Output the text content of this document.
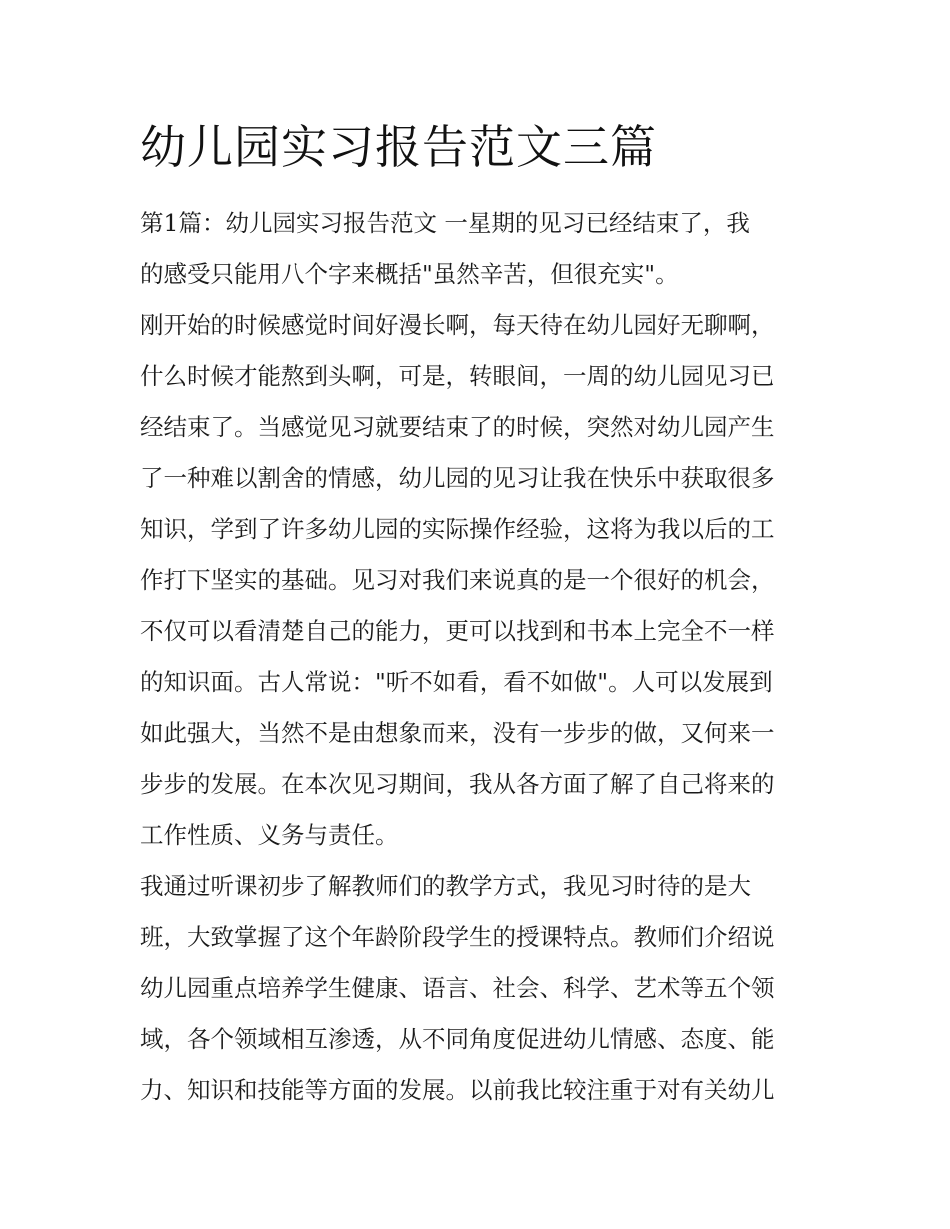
幼儿园实习报告范文三篇
第1篇：幼儿园实习报告范文 一星期的见习已经结束了，我
的感受只能用八个字来概括"虽然辛苦，但很充实"。
刚开始的时候感觉时间好漫长啊，每天待在幼儿园好无聊啊，
什么时候才能熬到头啊，可是，转眼间，一周的幼儿园见习已
经结束了。当感觉见习就要结束了的时候，突然对幼儿园产生
了一种难以割舍的情感，幼儿园的见习让我在快乐中获取很多
知识，学到了许多幼儿园的实际操作经验，这将为我以后的工
作打下坚实的基础。见习对我们来说真的是一个很好的机会，
不仅可以看清楚自己的能力，更可以找到和书本上完全不一样
的知识面。古人常说："听不如看，看不如做"。人可以发展到
如此强大，当然不是由想象而来，没有一步步的做，又何来一
步步的发展。在本次见习期间，我从各方面了解了自己将来的
工作性质、义务与责任。
我通过听课初步了解教师们的教学方式，我见习时待的是大
班，大致掌握了这个年龄阶段学生的授课特点。教师们介绍说
幼儿园重点培养学生健康、语言、社会、科学、艺术等五个领
域，各个领域相互渗透，从不同角度促进幼儿情感、态度、能
力、知识和技能等方面的发展。以前我比较注重于对有关幼儿
